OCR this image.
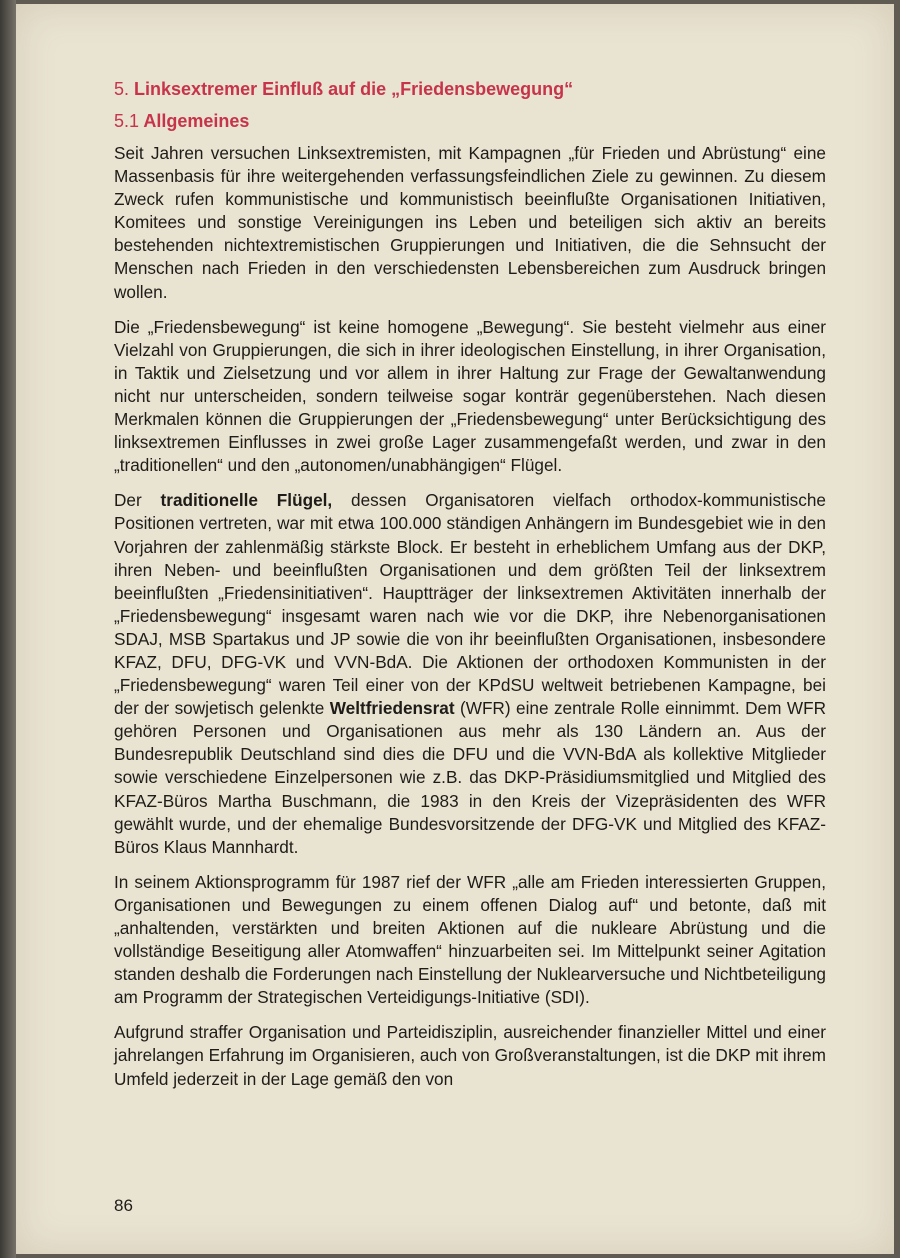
5. Linksextremer Einfluß auf die „Friedensbewegung“
5.1 Allgemeines

Seit Jahren versuchen Linksextremisten, mit Kampagnen „für Frieden und Abrüstung“ eine Massenbasis für ihre weitergehenden verfassungsfeindlichen Ziele zu gewinnen. Zu diesem Zweck rufen kommunistische und kommunistisch beeinflußte Organisationen Initiativen, Komitees und sonstige Vereinigungen ins Leben und beteiligen sich aktiv an bereits bestehenden nichtextremistischen Gruppierungen und Initiativen, die die Sehnsucht der Menschen nach Frieden in den verschiedensten Lebensbereichen zum Ausdruck bringen wollen.

Die „Friedensbewegung“ ist keine homogene „Bewegung“. Sie besteht vielmehr aus einer Vielzahl von Gruppierungen, die sich in ihrer ideologischen Einstellung, in ihrer Organisation, in Taktik und Zielsetzung und vor allem in ihrer Haltung zur Frage der Gewaltanwendung nicht nur unterscheiden, sondern teilweise sogar konträr gegenüberstehen. Nach diesen Merkmalen können die Gruppierungen der „Friedensbewegung“ unter Berücksichtigung des linksextremen Einflusses in zwei große Lager zusammengefaßt werden, und zwar in den „traditionellen“ und den „autonomen/unabhängigen“ Flügel.

Der traditionelle Flügel, dessen Organisatoren vielfach orthodox-kommunistische Positionen vertreten, war mit etwa 100.000 ständigen Anhängern im Bundesgebiet wie in den Vorjahren der zahlenmäßig stärkste Block. Er besteht in erheblichem Umfang aus der DKP, ihren Neben- und beeinflußten Organisationen und dem größten Teil der linksextrem beeinflußten „Friedensinitiativen“. Hauptträger der linksextremen Aktivitäten innerhalb der „Friedensbewegung“ insgesamt waren nach wie vor die DKP, ihre Nebenorganisationen SDAJ, MSB Spartakus und JP sowie die von ihr beeinflußten Organisationen, insbesondere KFAZ, DFU, DFG-VK und VVN-BdA. Die Aktionen der orthodoxen Kommunisten in der „Friedensbewegung“ waren Teil einer von der KPdSU weltweit betriebenen Kampagne, bei der der sowjetisch gelenkte Weltfriedensrat (WFR) eine zentrale Rolle einnimmt. Dem WFR gehören Personen und Organisationen aus mehr als 130 Ländern an. Aus der Bundesrepublik Deutschland sind dies die DFU und die VVN-BdA als kollektive Mitglieder sowie verschiedene Einzelpersonen wie z.B. das DKP-Präsidiumsmitglied und Mitglied des KFAZ-Büros Martha Buschmann, die 1983 in den Kreis der Vizepräsidenten des WFR gewählt wurde, und der ehemalige Bundesvorsitzende der DFG-VK und Mitglied des KFAZ-Büros Klaus Mannhardt.

In seinem Aktionsprogramm für 1987 rief der WFR „alle am Frieden interessierten Gruppen, Organisationen und Bewegungen zu einem offenen Dialog auf“ und betonte, daß mit „anhaltenden, verstärkten und breiten Aktionen auf die nukleare Abrüstung und die vollständige Beseitigung aller Atomwaffen“ hinzuarbeiten sei. Im Mittelpunkt seiner Agitation standen deshalb die Forderungen nach Einstellung der Nuklearversuche und Nichtbeteiligung am Programm der Strategischen Verteidigungs-Initiative (SDI).

Aufgrund straffer Organisation und Parteidisziplin, ausreichender finanzieller Mittel und einer jahrelangen Erfahrung im Organisieren, auch von Großveranstaltungen, ist die DKP mit ihrem Umfeld jederzeit in der Lage gemäß den von

86
